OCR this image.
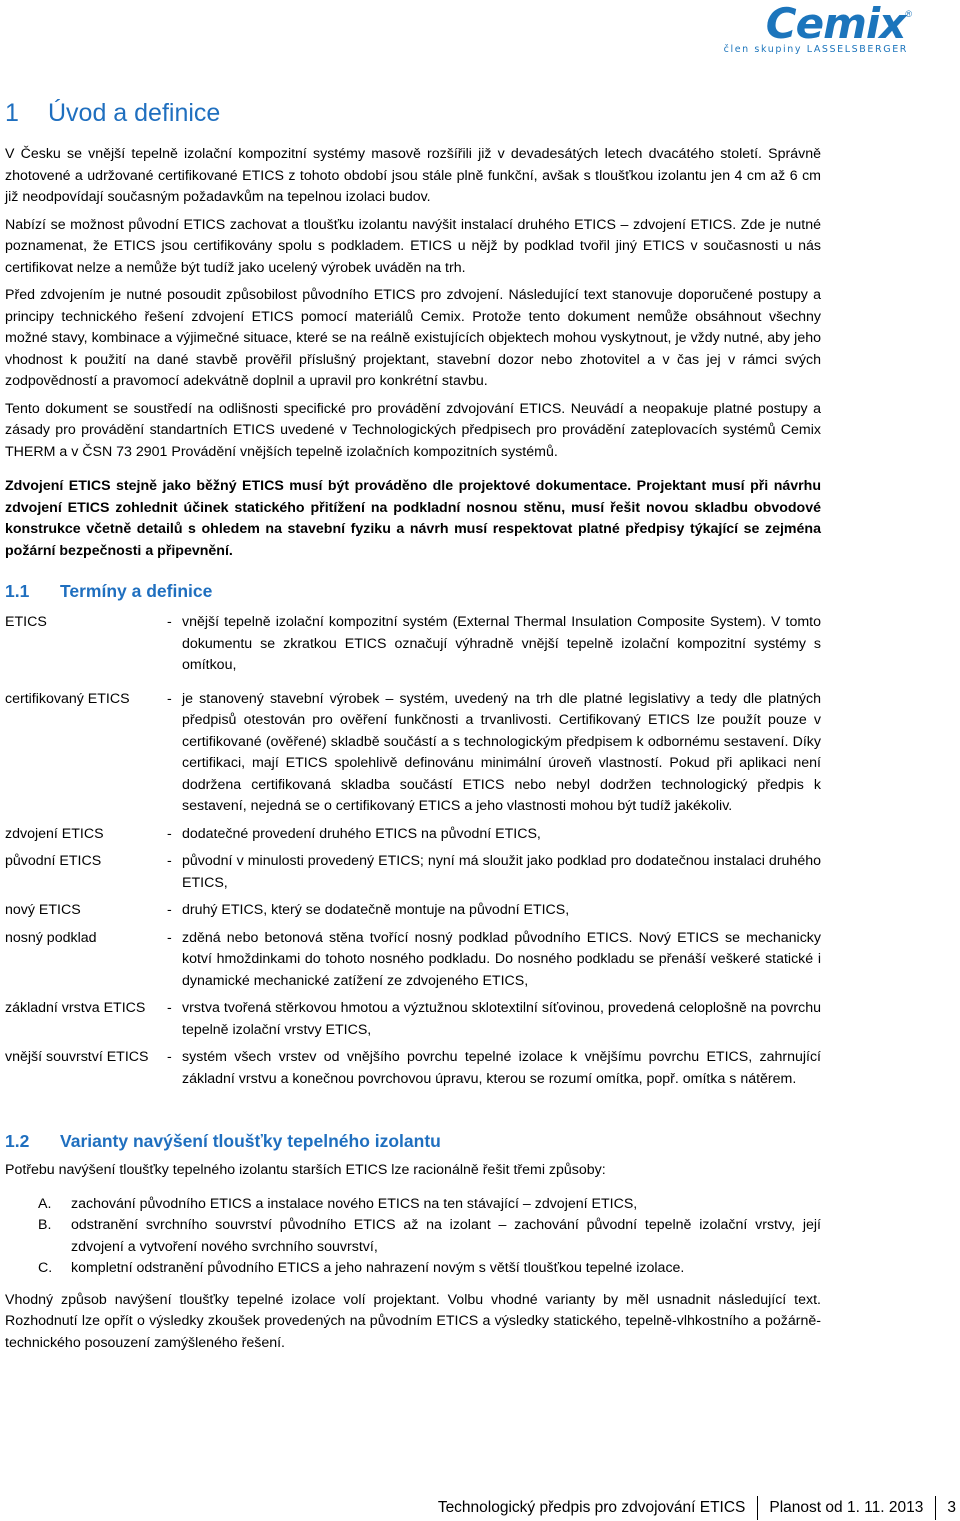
Cemix®
člen skupiny LASSELSBERGER
1 Úvod a definice

V Česku se vnější tepelně izolační kompozitní systémy masově rozšířili již v devadesátých letech dvacátého století. Správně zhotovené a udržované certifikované ETICS z tohoto období jsou stále plně funkční, avšak s tloušťkou izolantu jen 4 cm až 6 cm již neodpovídají současným požadavkům na tepelnou izolaci budov.

Nabízí se možnost původní ETICS zachovat a tloušťku izolantu navýšit instalací druhého ETICS – zdvojení ETICS. Zde je nutné poznamenat, že ETICS jsou certifikovány spolu s podkladem. ETICS u nějž by podklad tvořil jiný ETICS v současnosti u nás certifikovat nelze a nemůže být tudíž jako ucelený výrobek uváděn na trh.

Před zdvojením je nutné posoudit způsobilost původního ETICS pro zdvojení. Následující text stanovuje doporučené postupy a principy technického řešení zdvojení ETICS pomocí materiálů Cemix. Protože tento dokument nemůže obsáhnout všechny možné stavy, kombinace a výjimečné situace, které se na reálně existujících objektech mohou vyskytnout, je vždy nutné, aby jeho vhodnost k použití na dané stavbě prověřil příslušný projektant, stavební dozor nebo zhotovitel a v čas jej v rámci svých zodpovědností a pravomocí adekvátně doplnil a upravil pro konkrétní stavbu.

Tento dokument se soustředí na odlišnosti specifické pro provádění zdvojování ETICS. Neuvádí a neopakuje platné postupy a zásady pro provádění standartních ETICS uvedené v Technologických předpisech pro provádění zateplovacích systémů Cemix THERM a v ČSN 73 2901 Provádění vnějších tepelně izolačních kompozitních systémů.

Zdvojení ETICS stejně jako běžný ETICS musí být prováděno dle projektové dokumentace. Projektant musí při návrhu zdvojení ETICS zohlednit účinek statického přitížení na podkladní nosnou stěnu, musí řešit novou skladbu obvodové konstrukce včetně detailů s ohledem na stavební fyziku a návrh musí respektovat platné předpisy týkající se zejména požární bezpečnosti a připevnění.

1.1 Termíny a definice
ETICS	- vnější tepelně izolační kompozitní systém (External Thermal Insulation Composite System). V tomto dokumentu se zkratkou ETICS označují výhradně vnější tepelně izolační kompozitní systémy s omítkou,
certifikovaný ETICS	- je stanovený stavební výrobek – systém, uvedený na trh dle platné legislativy a tedy dle platných předpisů otestován pro ověření funkčnosti a trvanlivosti. Certifikovaný ETICS lze použít pouze v certifikované (ověřené) skladbě součástí a s technologickým předpisem k odbornému sestavení. Díky certifikaci, mají ETICS spolehlivě definovánu minimální úroveň vlastností. Pokud při aplikaci není dodržena certifikovaná skladba součástí ETICS nebo nebyl dodržen technologický předpis k sestavení, nejedná se o certifikovaný ETICS a jeho vlastnosti mohou být tudíž jakékoliv.
zdvojení ETICS	- dodatečné provedení druhého ETICS na původní ETICS,
původní ETICS	- původní v minulosti provedený ETICS; nyní má sloužit jako podklad pro dodatečnou instalaci druhého ETICS,
nový ETICS	- druhý ETICS, který se dodatečně montuje na původní ETICS,
nosný podklad	- zděná nebo betonová stěna tvořící nosný podklad původního ETICS. Nový ETICS se mechanicky kotví hmoždinkami do tohoto nosného podkladu. Do nosného podkladu se přenáší veškeré statické i dynamické mechanické zatížení ze zdvojeného ETICS,
základní vrstva ETICS	- vrstva tvořená stěrkovou hmotou a výztužnou sklotextilní síťovinou, provedená celoplošně na povrchu tepelně izolační vrstvy ETICS,
vnější souvrství ETICS	- systém všech vrstev od vnějšího povrchu tepelné izolace k vnějšímu povrchu ETICS, zahrnující základní vrstvu a konečnou povrchovou úpravu, kterou se rozumí omítka, popř. omítka s nátěrem.
1.2 Varianty navýšení tloušťky tepelného izolantu

Potřebu navýšení tloušťky tepelného izolantu starších ETICS lze racionálně řešit třemi způsoby:

A.	zachování původního ETICS a instalace nového ETICS na ten stávající – zdvojení ETICS,
B.	odstranění svrchního souvrství původního ETICS až na izolant – zachování původní tepelně izolační vrstvy, její zdvojení a vytvoření nového svrchního souvrství,
C.	kompletní odstranění původního ETICS a jeho nahrazení novým s větší tloušťkou tepelné izolace.

Vhodný způsob navýšení tloušťky tepelné izolace volí projektant. Volbu vhodné varianty by měl usnadnit následující text. Rozhodnutí lze opřít o výsledky zkoušek provedených na původním ETICS a výsledky statického, tepelně-vlhkostního a požárně-technického posouzení zamýšleného řešení.

Technologický předpis pro zdvojování ETICS Planost od 1. 11. 2013 3
